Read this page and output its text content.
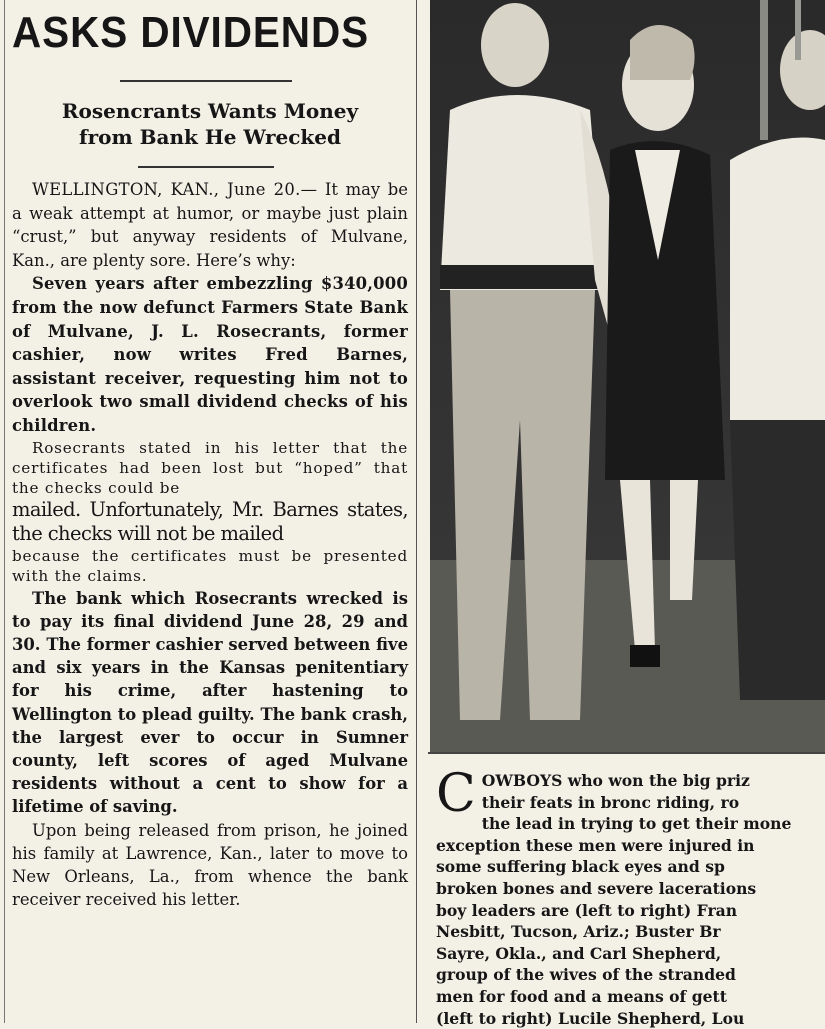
ASKS DIVIDENDS
Rosencrants Wants Money
from Bank He Wrecked

WELLINGTON, KAN., June 20.— It may be a weak attempt at humor, or maybe just plain “crust,” but anyway residents of Mulvane, Kan., are plenty sore. Here’s why:

Seven years after embezzling $340,000 from the now defunct Farmers State Bank of Mulvane, J. L. Rosecrants, former cashier, now writes Fred Barnes, assistant receiver, requesting him not to overlook two small dividend checks of his children.

Rosecrants stated in his letter that the certificates had been lost but “hoped” that the checks could be

mailed. Unfortunately, Mr. Barnes states, the checks will not be mailed

because the certificates must be presented with the claims.

The bank which Rosecrants wrecked is to pay its final dividend June 28, 29 and 30. The former cashier served between five and six years in the Kansas penitentiary for his crime, after hastening to Wellington to plead guilty. The bank crash, the largest ever to occur in Sumner county, left scores of aged Mulvane residents without a cent to show for a lifetime of saving.

Upon being released from prison, he joined his family at Lawrence, Kan., later to move to New Orleans, La., from whence the bank receiver received his letter.

C OWBOYS who won the big priz

their feats in bronc riding, ro

the lead in trying to get their mone

exception these men were injured in

some suffering black eyes and sp

broken bones and severe lacerations

boy leaders are (left to right) Fran

Nesbitt, Tucson, Ariz.; Buster Br

Sayre, Okla., and Carl Shepherd,

group of the wives of the stranded

men for food and a means of gett

(left to right) Lucile Shepherd, Lou
